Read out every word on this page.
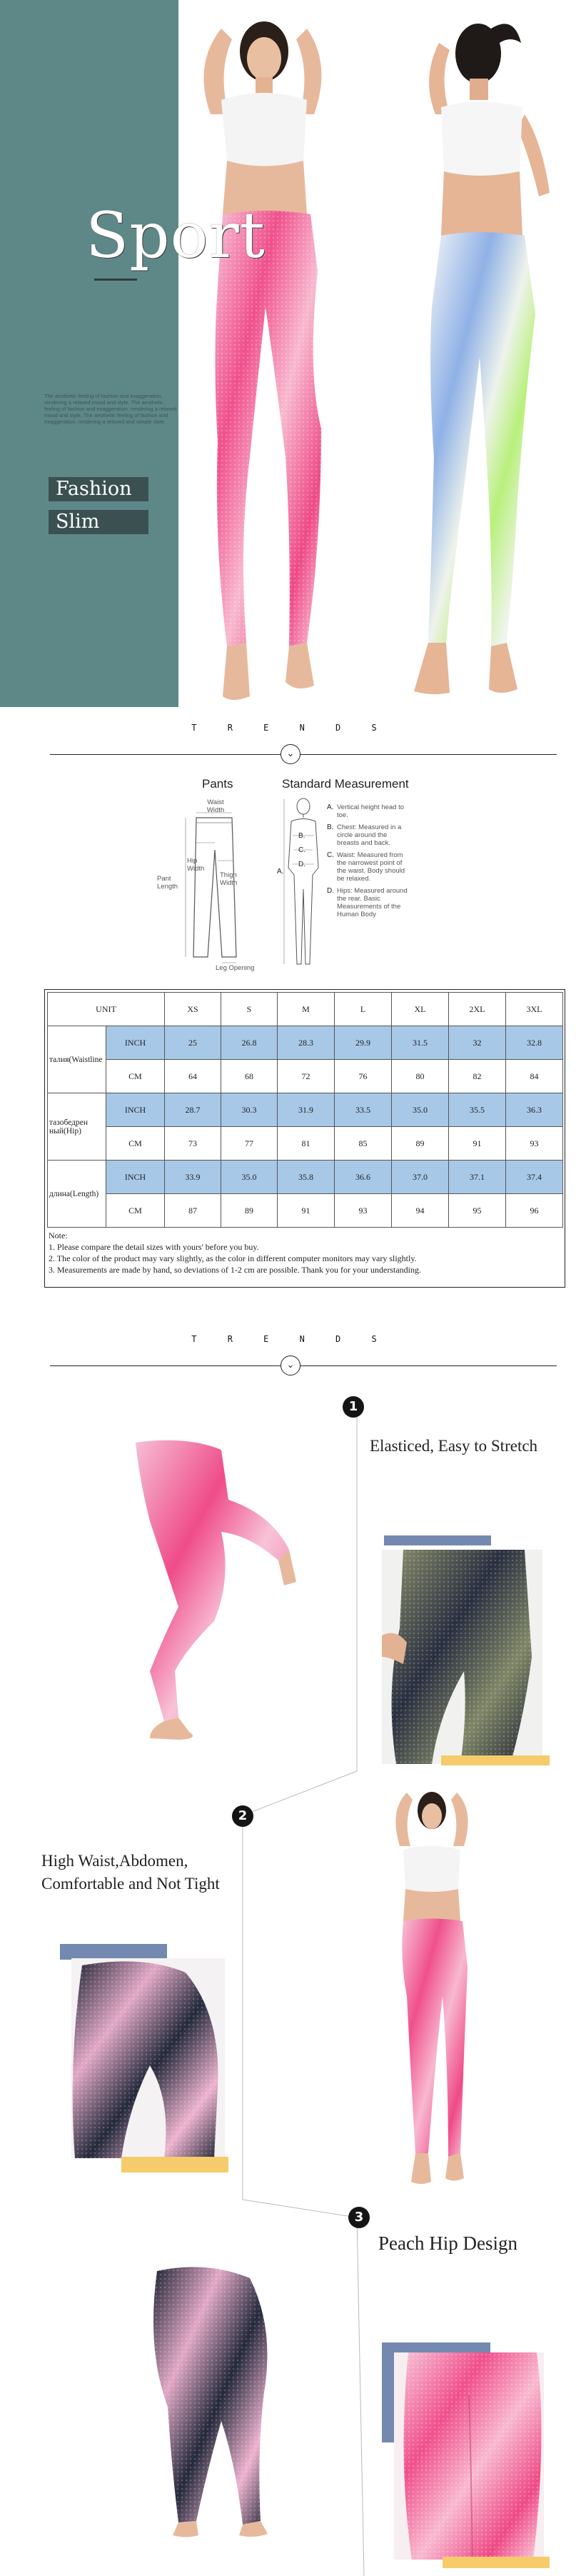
Sport
The aesthetic feeling of fashion and exaggeration, rendering a relaxed mood and style. The aesthetic feeling of fashion and exaggeration, rendering a relaxed mood and style. The aesthetic feeling of fashion and exaggeration, rendering a relaxed and simple style.
Fashion
Slim
T R E N D S
⌄
Pants	Standard Measurement
Waist Width
Hip Width
Thigh Width
Pant Length
Leg Opening
B.
C.
D.
A.
A. Vertical height head to toe.
B. Chest: Measured in a circle around the breasts and back.
C. Waist: Measured from the narrowest point of the waist. Body should be relaxed.
D. Hips: Measured around the rear. Basic Measurements of the Human Body
UNIT		XS	S	M	L	XL	2XL	3XL
талия(Waistline	INCH	25	26.8	28.3	29.9	31.5	32	32.8
	CM	64	68	72	76	80	82	84
тазобедрен ный(Hip)	INCH	28.7	30.3	31.9	33.5	35.0	35.5	36.3
	CM	73	77	81	85	89	91	93
длина(Length)	INCH	33.9	35.0	35.8	36.6	37.0	37.1	37.4
	CM	87	89	91	93	94	95	96
Note:
1. Please compare the detail sizes with yours' before you buy.
2. The color of the product may vary slightly, as the color in different computer monitors may vary slightly.
3. Measurements are made by hand, so deviations of 1-2 cm are possible. Thank you for your understanding.
T R E N D S
⌄
1
Elasticed, Easy to Stretch
2
High Waist,Abdomen,
Comfortable and Not Tight
3
Peach Hip Design
